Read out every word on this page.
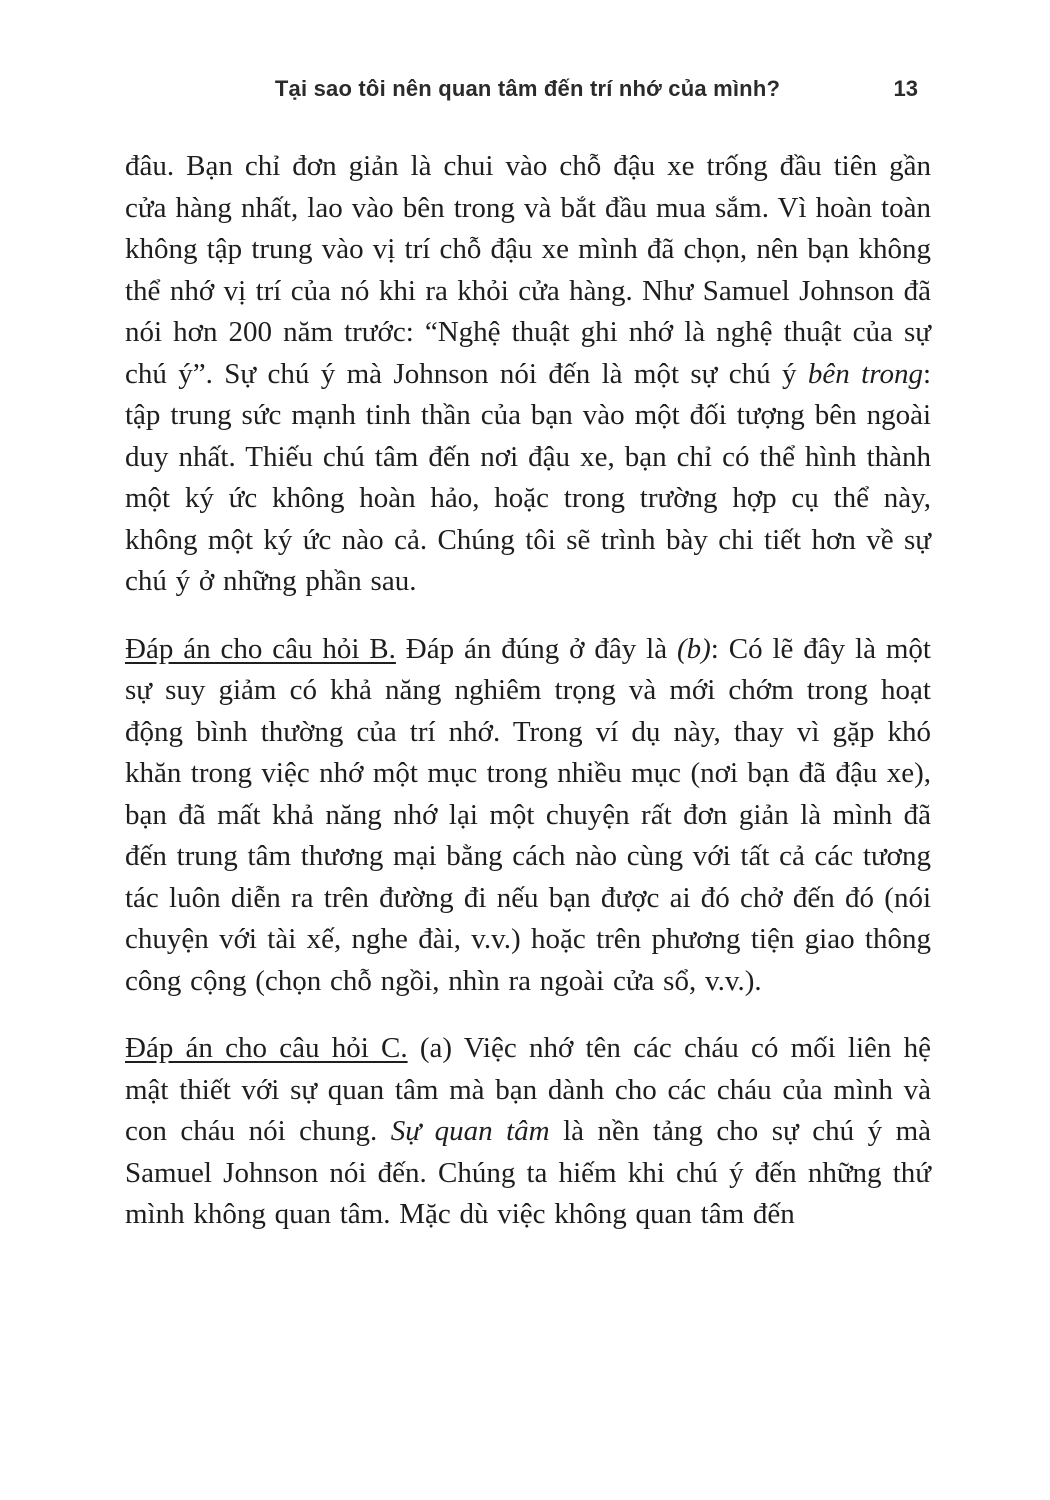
Tại sao tôi nên quan tâm đến trí nhớ của mình?	13

đâu. Bạn chỉ đơn giản là chui vào chỗ đậu xe trống đầu tiên gần cửa hàng nhất, lao vào bên trong và bắt đầu mua sắm. Vì hoàn toàn không tập trung vào vị trí chỗ đậu xe mình đã chọn, nên bạn không thể nhớ vị trí của nó khi ra khỏi cửa hàng. Như Samuel Johnson đã nói hơn 200 năm trước: “Nghệ thuật ghi nhớ là nghệ thuật của sự chú ý”. Sự chú ý mà Johnson nói đến là một sự chú ý bên trong: tập trung sức mạnh tinh thần của bạn vào một đối tượng bên ngoài duy nhất. Thiếu chú tâm đến nơi đậu xe, bạn chỉ có thể hình thành một ký ức không hoàn hảo, hoặc trong trường hợp cụ thể này, không một ký ức nào cả. Chúng tôi sẽ trình bày chi tiết hơn về sự chú ý ở những phần sau.

Đáp án cho câu hỏi B. Đáp án đúng ở đây là (b): Có lẽ đây là một sự suy giảm có khả năng nghiêm trọng và mới chớm trong hoạt động bình thường của trí nhớ. Trong ví dụ này, thay vì gặp khó khăn trong việc nhớ một mục trong nhiều mục (nơi bạn đã đậu xe), bạn đã mất khả năng nhớ lại một chuyện rất đơn giản là mình đã đến trung tâm thương mại bằng cách nào cùng với tất cả các tương tác luôn diễn ra trên đường đi nếu bạn được ai đó chở đến đó (nói chuyện với tài xế, nghe đài, v.v.) hoặc trên phương tiện giao thông công cộng (chọn chỗ ngồi, nhìn ra ngoài cửa sổ, v.v.).

Đáp án cho câu hỏi C. (a) Việc nhớ tên các cháu có mối liên hệ mật thiết với sự quan tâm mà bạn dành cho các cháu của mình và con cháu nói chung. Sự quan tâm là nền tảng cho sự chú ý mà Samuel Johnson nói đến. Chúng ta hiếm khi chú ý đến những thứ mình không quan tâm. Mặc dù việc không quan tâm đến
